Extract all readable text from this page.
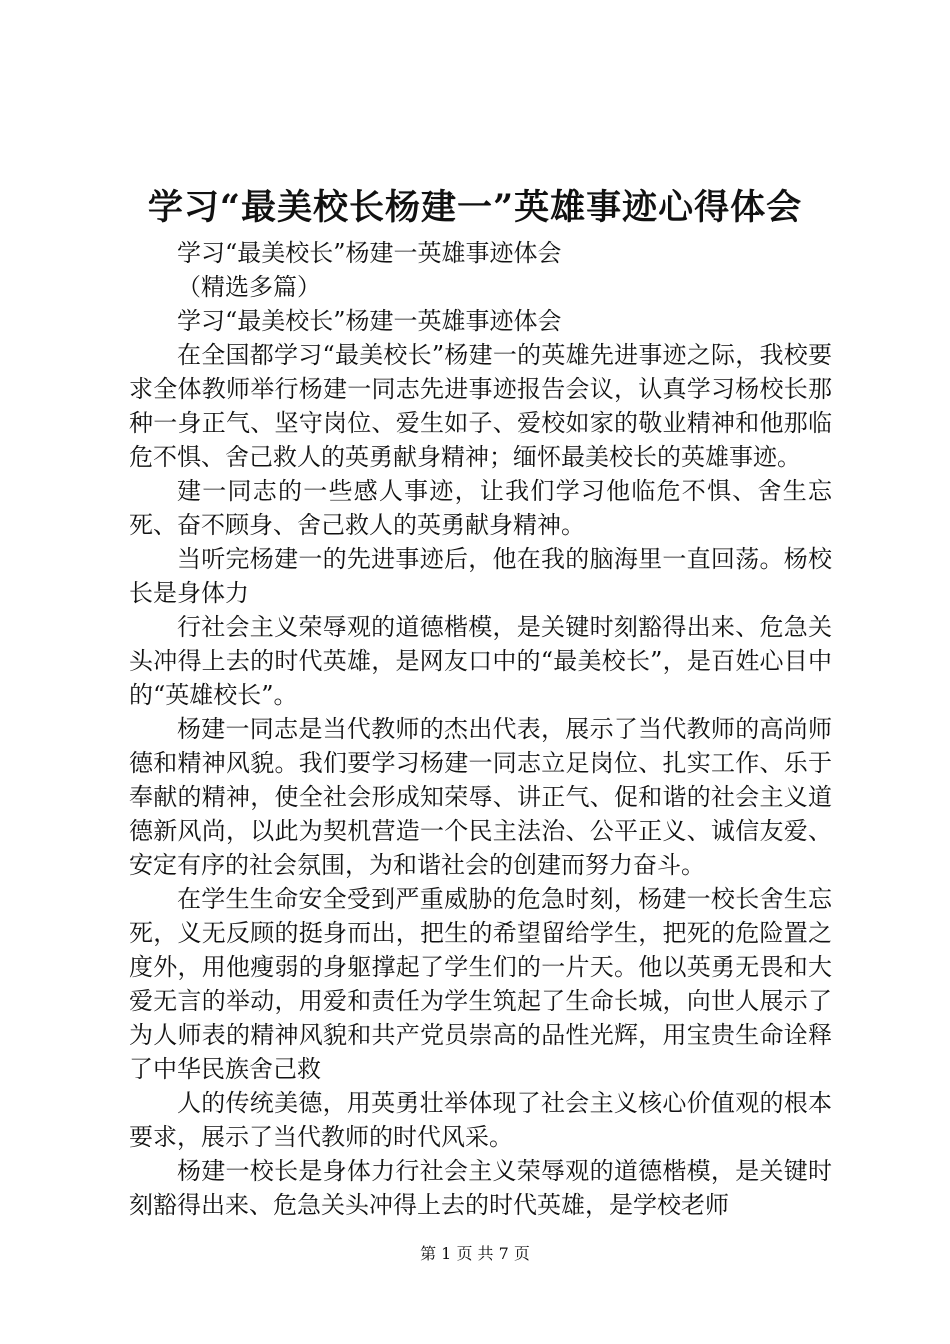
学习“最美校长杨建一”英雄事迹心得体会

学习“最美校长”杨建一英雄事迹体会

（精选多篇）

学习“最美校长”杨建一英雄事迹体会

在全国都学习“最美校长”杨建一的英雄先进事迹之际，我校要求全体教师举行杨建一同志先进事迹报告会议，认真学习杨校长那种一身正气、坚守岗位、爱生如子、爱校如家的敬业精神和他那临危不惧、舍己救人的英勇献身精神；缅怀最美校长的英雄事迹。

建一同志的一些感人事迹，让我们学习他临危不惧、舍生忘死、奋不顾身、舍己救人的英勇献身精神。

当听完杨建一的先进事迹后，他在我的脑海里一直回荡。杨校长是身体力

行社会主义荣辱观的道德楷模，是关键时刻豁得出来、危急关头冲得上去的时代英雄，是网友口中的“最美校长”，是百姓心目中的“英雄校长”。

杨建一同志是当代教师的杰出代表，展示了当代教师的高尚师德和精神风貌。我们要学习杨建一同志立足岗位、扎实工作、乐于奉献的精神，使全社会形成知荣辱、讲正气、促和谐的社会主义道德新风尚，以此为契机营造一个民主法治、公平正义、诚信友爱、安定有序的社会氛围，为和谐社会的创建而努力奋斗。

在学生生命安全受到严重威胁的危急时刻，杨建一校长舍生忘死，义无反顾的挺身而出，把生的希望留给学生，把死的危险置之度外，用他瘦弱的身躯撑起了学生们的一片天。他以英勇无畏和大爱无言的举动，用爱和责任为学生筑起了生命长城，向世人展示了为人师表的精神风貌和共产党员崇高的品性光辉，用宝贵生命诠释了中华民族舍己救

人的传统美德，用英勇壮举体现了社会主义核心价值观的根本要求，展示了当代教师的时代风采。

杨建一校长是身体力行社会主义荣辱观的道德楷模，是关键时刻豁得出来、危急关头冲得上去的时代英雄，是学校老师

第 1 页 共 7 页
